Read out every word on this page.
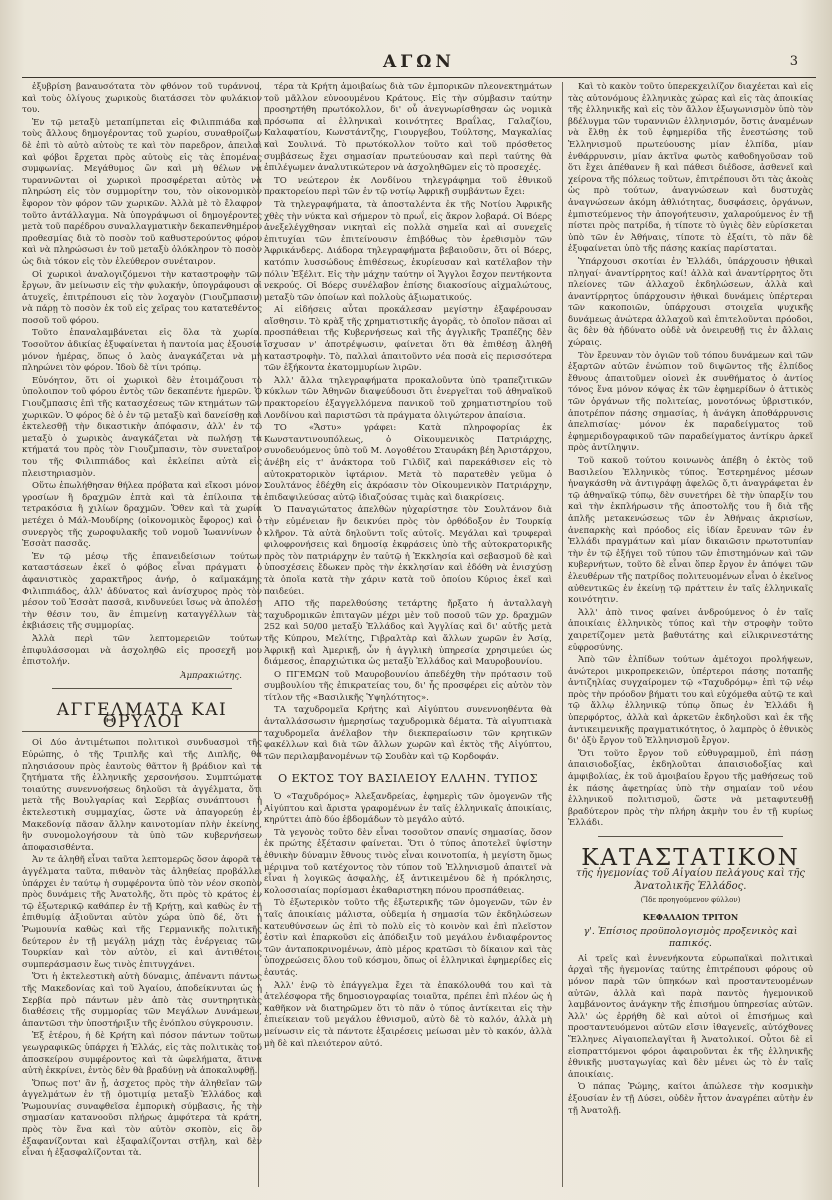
ΑΓΩΝ	3

ἐξυβρίση βαναυσότατα τὸν φθόνον τοῦ τυράννου, καὶ τοὺς ὀλίγους χωρικοὺς διατάσσει τὸν φυλάκιον του.

Ἐν τῷ μεταξὺ μεταπίμπεται εἰς Φιλιππιάδα καὶ τοὺς ἄλλους δημογέροντας τοῦ χωρίου, συναθροίζων δὲ ἐπὶ τὸ αὐτὸ αὐτοὺς τε καὶ τὸν παρεδρον, ἀπειλαὶ καὶ φόβοι ἔρχεται πρὸς αὐτοὺς εἰς τὰς ἑπομένας συμφωνίας. Μεγάθυμος ὢν καὶ μὴ θέλων νὰ τυραννῶνται οἱ χωρικοὶ προσφέρεται αὐτὸς νὰ πληρώση εἰς τὸν συμμορίτην του, τὸν οἰκονομικὸν ἔφορον τὸν φόρον τῶν χωρικῶν. Ἀλλὰ μὲ τὸ ἔλαφρον τοῦτο ἀντάλλαγμα. Νὰ ὑπογράψωσι οἱ δημογέροντες μετὰ τοῦ παρέδρου συναλλαγματικὴν δεκαπενθημέρου προθεσμίας διὰ τὸ ποσὸν τοῦ καθυστερούντος φόρου καὶ νὰ πληρώσωσι ἐν τοῦ μεταξὺ ὁλόκληρον τὸ ποσὸν ὡς διὰ τόκον εἰς τὸν ἐλεύθερον συνέταιρον.

Οἱ χωρικοὶ ἀναλογιζόμενοι τὴν καταστροφὴν τῶν ἔργων, ἂν μείνωσιν εἰς τὴν φυλακήν, ὑπογράφουσι οἱ ἀτυχεῖς, ἐπιτρέπουσι εἰς τὸν λοχαγὸν (Γιουζμπασιν) νὰ πάρῃ τὸ ποσὸν ἐκ τοῦ εἰς χεῖρας του κατατεθέντος ποσοῦ τοῦ φόρου.

Τοῦτο ἐπαναλαμβάνεται εἰς ὅλα τὰ χωρία. Τοσοῦτον ἀδικίας ἐξυφαίνεται ἡ παντοία μας ἐξουσία μόνον ἡμέρας, ὅπως ὁ λαὸς ἀναγκάζεται νὰ μὴ πληρώνει τὸν φόρον. Ἰδοὺ δὲ τίνι τρόπῳ.

Εὐνόητον, ὅτι οἱ χωρικοὶ δὲν ἐτοιμάζουσι τὸ ὑπολοιπον τοῦ φόρου ἐντὸς τῶν δεκαπέντε ἡμερῶν. Ὁ Γιουζμπασις ἐπὶ τῆς κατασχέσεως τῶν κτημάτων τῶν χωρικῶν. Ὁ φόρος δὲ ὁ ἐν τῷ μεταξὺ καὶ δανείσθῃ καὶ ἐκτελεσθῇ τὴν δικαστικὴν ἀπόφασιν, ἀλλ' ἐν τῷ μεταξὺ ὁ χωρικὸς ἀναγκάζεται νὰ πωλήσῃ τὰ κτήματά του πρὸς τὸν Γιουζμπασιν, τὸν συνεταῖρον του τῆς Φιλιππιάδος καὶ ἐκλείπει αὐτὰ εἰς πλειστηριασμὸν.

Οὕτω ἐπωλήθησαν θήλεα πρόβατα καὶ εἴκοσι μόνον γροσίων ἢ δραχμῶν ἑπτὰ καὶ τὰ ἐπίλοιπα τὰ τετρακόσια ἢ χιλίων δραχμῶν. Ὅθεν καὶ τὰ χωρία μετέχει ὁ Μάλ-Μουδίρης (οἰκονομικὸς ἔφορος) καὶ ὁ συνεργὸς τῆς χωροφυλακῆς τοῦ νομοῦ Ἰωαννίνων ὁ Ἐσσὰτ πασσᾶς.

Ἐν τῷ μέσῳ τῆς ἐπανειδείσιων τούτων καταστάσεων ἐκεῖ ὁ φόβος εἶναι πράγματι ὁ ἀφανιστικὸς χαρακτῆρος ἀνήρ, ὁ καϊμακάμης Φιλιππιάδος, ἀλλ' ἀδύνατος καὶ ἀνίσχυρος πρὸς τὸν μέσον τοῦ Ἐσσὰτ πασσᾶ, κινδυνεύει ἴσως νὰ ἀπολέσῃ τὴν θέσιν του, ἂν ἐπιμείνῃ καταγγέλλων τὰς ἐκβιάσεις τῆς συμμορίας.

Ἀλλὰ περὶ τῶν λεπτομερειῶν τούτων ἐπιφυλάσσομαι νὰ ἀσχοληθῶ εἰς προσεχῆ μου ἐπιστολήν.

Ἀμπρακιώτης.
ΑΓΓΕΛΜΑΤΑ ΚΑΙ ΘΡΥΛΟΙ

Οἱ Δύο ἀντιμέτωποι πολιτικοὶ συνδυασμοὶ τῆς Εὐρώπης, ὁ τῆς Τριπλῆς καὶ τῆς Διπλῆς, θὰ πλησιάσουν πρὸς ἑαυτοὺς θᾶττον ἢ βράδιον καὶ τὰ ζητήματα τῆς ἑλληνικῆς χερσονήσου. Συμπτώματα τοιαύτης συνεννοήσεως δηλοῦσι τὰ ἀγγέλματα, ὅτι μετὰ τῆς Βουλγαρίας καὶ Σερβίας συνάπτουσι ἡ ἐκτελεστικὴ συμμαχίας, ὥστε νὰ ἀπαγορεύῃ ἐν Μακεδονίᾳ πᾶσαν ἄλλην καινοτομίαν πλὴν ἐκείνης, ἣν συνομολογήσουν τὰ ὑπὸ τῶν κυβερνήσεων ἀποφασισθέντα.

Ἀν τε ἀληθῆ εἶναι ταῦτα λεπτομερῶς ὅσον ἀφορᾶ τὰ ἀγγέλματα ταῦτα, πιθανὸν τὰς ἀληθείας προβάλλει ὑπάρχει ἐν ταύτῳ ἡ συμφέροντα ὑπὸ τὸν νέον σκοπὸν πρὸς δυνάμεις τῆς Ἀνατολῆς, ὅτι πρὸς τὸ κράτος ἐν τῷ ἐξωτερικῷ καθάπερ ἐν τῇ Κρήτῃ, καὶ καθὼς ἐν τῇ ἐπιθυμίᾳ ἀξιοῦνται αὐτὸν χώρα ὑπὸ δέ, ὅτι ἡ Ῥωμουνία καθὼς καὶ τῆς Γερμανικῆς πολιτικῆς δεύτερον ἐν τῇ μεγάλῃ μάχῃ τὰς ἐνέργειας τῶν Τουρκίαν καὶ τὸν αὐτὸν, εἰ καὶ ἀντιθέτοις συμπεράσμασιν ἕως τινὸς ἐπιτυγχάνει.

Ὅτι ἡ ἐκτελεστικὴ αὐτὴ δύναμις, ἀπέναντι πάντως τῆς Μακεδονίας καὶ τοῦ Ἀγαίου, ἀποδείκνυται ὡς ἡ Σερβία πρὸ πάντων μὲν ἀπὸ τὰς συντηρητικὰς διαθέσεις τῆς συμμορίας τῶν Μεγάλων Δυνάμεων, ἀπαντῶσι τὴν ὑποστήριξιν τῆς ἐνόπλου σύγκρουσιν.

Ἐξ ἑτέρου, ἡ δὲ Κρήτη καὶ πόσον πάντων τοῦτων γεωγραφικῶς ὑπάρχει ἡ Ἑλλάς, εἰς τὰς πολιτικὰς τοῦ ἀποσκείρου συμφέροντος καὶ τὰ ὠφελήματα, ἅτινα αὐτὴ ἐκκρίνει, ἐντὸς δὲν θὰ βραδύνῃ νὰ ἀποκαλυφθῇ.

Ὅπως ποτ' ἂν ᾖ, ἀσχετος πρὸς τὴν ἀληθεῖαν τῶν ἀγγελμάτων ἐν τῇ ὁμοτιμίᾳ μεταξὺ Ἑλλάδος καὶ Ῥωμουνίας συναφθεῖσα ἐμπορικὴ σύμβασις, ἧς τὴν σημασίαν κατανοοῦσι πλήρως ἀμφότερα τὰ κράτη, πρὸς τὸν ἕνα καὶ τὸν αὐτὸν σκοπὸν, εἰς ὃν ἐξαφανίζονται καὶ ἐξαφαλίζονται στῆλη, καὶ δὲν εἶναι ἡ ἐξασφαλίζονται τὰ.

τέρα τὰ Κρήτη ἀμοιβαίως διὰ τῶν ἐμπορικῶν πλεονεκτημάτων τοῦ μᾶλλον εὐνοουμένου Κράτους. Εἰς τὴν σύμβασιν ταύτην προσηρτήθη πρωτόκολλον, δι' οὗ ἀνεγνωρίσθησαν ὡς νομικὰ πρόσωπα αἱ ἑλληνικαὶ κοινότητες Βραΐλας, Γαλαζίου, Καλαφατίου, Κωνστάντζης, Γιουργεβου, Τούλτσης, Μαγκαλίας καὶ Σουλινά. Τὸ πρωτόκολλον τοῦτο καὶ τοῦ πρόσθετος συμβάσεως ἔχει σημασίαν πρωτεύουσαν καὶ περὶ ταύτης θὰ ἐπιλέγωμεν ἀναλυτικώτερον νὰ ἀσχοληθῶμεν εἰς τὸ προσεχές.

ΤΟ νεώτερον ἐκ Λονδίνου τηλεγράφημα τοῦ ἐθνικοῦ πρακτορείου περὶ τῶν ἐν τῷ νοτίῳ Ἀφρικῇ συμβάντων ἔχει:

Τὰ τηλεγραφήματα, τὰ ἀποσταλέντα ἐκ τῆς Νοτίου Ἀφρικῆς χθὲς τὴν νύκτα καὶ σήμερον τὸ πρωΐ, εἰς ἄκρον λοβαρά. Οἱ Βόερς ἀνεξελέγχθησαν νικηταὶ εἰς πολλὰ σημεῖα καὶ αἱ συνεχεῖς ἐπιτυχίαι τῶν ἐπιτείνουσιν ἐπιβόθως τὸν ἐρεθισμὸν τῶν Ἀφρικάνδερς. Διάδορα τηλεγραφήματα βεβαιοῦσιν, ὅτι οἱ Βόερς, κατόπιν λυσσώδους ἐπιθέσεως, ἐκυρίευσαν καὶ κατέλαβον τὴν πόλιν Ἐξέλιτ. Εἰς τὴν μάχην ταύτην οἱ Ἄγγλοι ἔσχον πεντήκοντα νεκρούς. Οἱ Βόερς συνέλαβον ἐπίσης διακοσίους αἰχμαλώτους, μεταξὺ τῶν ὁποίων καὶ πολλοὺς ἀξιωματικούς.

Αἱ εἰδήσεις αὗται προκάλεσαν μεγίστην ἐξαφέρουσαν αἴσθησιν. Τὸ κρὰξ τῆς χρηματιστικῆς ἀγορᾶς, τὸ ὁποῖον πᾶσαι αἱ προσπάθειαι τῆς Κυβερνήσεως καὶ τῆς ἀγγλικῆς Τραπέζης δὲν ἴσχυσαν ν' ἀποτρέψωσιν, φαίνεται ὅτι θὰ ἐπιθέσῃ ἄληθῆ καταστροφὴν. Τὸ, παλλαὶ ἀπαιτοῦντο νέα ποσὰ εἰς περισσότερα τῶν ἑξήκοντα ἑκατομμυρίων λιρῶν.

Ἀλλ' ἄλλα τηλεγραφήματα προκαλοῦντα ὑπὸ τραπεζιτικῶν κύκλων τῶν Ἀθηνῶν διαψεύδουσι ὅτι ἐνεργεῖται τοῦ ἀθηναϊκοῦ πρακτορείου ἐξαγγελλόμενα πανικοῦ τοῦ χρηματιστηρίου τοῦ Λονδίνου καὶ παριστῶσι τὰ πράγματα ὀλιγώτερον ἀπαίσια.

ΤΟ «Ἄστυ» γράφει: Κατὰ πληροφορίας ἐκ Κωνσταντινουπόλεως, ὁ Οἰκουμενικὸς Πατριάρχης, συνοδευόμενος ὑπὸ τοῦ Μ. Λογοθέτου Σταυράκη βέη Ἀριστάρχου, ἀνέβη εἰς τ' ἀνάκτορα τοῦ Γιλδὶζ καὶ παρεκάθισεν εἰς τὸ αὐτοκρατορικὸν ἰφτάριον. Μετὰ τὸ παρατεθὲν γεῦμα ὁ Σουλτάνος ἐδέχθη εἰς ἀκρόασιν τὸν Οἰκουμενικὸν Πατριάρχην, ἐπιδαψιλεύσας αὐτῷ ἰδιαζούσας τιμὰς καὶ διακρίσεις.

Ὁ Παναγιώτατος ἀπελθὼν ηὐχαρίστησε τὸν Σουλτάνον διὰ τὴν εὐμένειαν ἣν δεικνύει πρὸς τὸν ὀρθόδοξον ἐν Τουρκίᾳ κλῆρον. Τὰ αὐτὰ δηλοῦντι τοῖς αὐτοῖς. Μεγάλαι καὶ τρυφεραὶ φιλοφρονήσεις καὶ δημοσίᾳ ἐκφράσεις ὑπὸ τῆς αὐτοκρατορικῆς πρὸς τὸν πατριάρχην ἐν ταὐτῷ ἡ Ἐκκλησία καὶ σεβασμοῦ δὲ καὶ ὑποσχέσεις ἔδωκεν πρὸς τὴν ἐκκλησίαν καὶ ἐδόθη νὰ ἐνισχύσῃ τὰ ὁποῖα κατὰ τὴν χάριν κατὰ τοῦ ὁποίου Κύριος ἐκεῖ καὶ παιδεύει.

ΑΠΟ τῆς παρελθούσης τετάρτης ἤρξατο ἡ ἀνταλλαγὴ ταχυδρομικῶν ἐπιταγῶν μέχρι μὲν τοῦ ποσοῦ τῶν χρ. δραχμῶν 252 καὶ 50/00 μεταξὺ Ἑλλάδος καὶ Ἀγγλίας καὶ δι' αὐτῆς μετὰ τῆς Κύπρου, Μελίτης, Γιβραλτὰρ καὶ ἄλλων χωρῶν ἐν Ἀσίᾳ, Ἀφρικῇ καὶ Ἀμερικῇ, ὧν ἡ ἀγγλικὴ ὑπηρεσία χρησιμεύει ὡς διάμεσος, ἐπαρχιώτικα ὡς μεταξὺ Ἑλλάδος καὶ Μαυροβουνίου.

Ο ΠΓΕΜΩΝ τοῦ Μαυροβουνίου ἀπεδέχθη τὴν πρότασιν τοῦ συμβουλίου τῆς ἐπικρατείας του, δι' ἧς προσφέρει εἰς αὐτὸν τὸν τίτλον τῆς «Βασιλικῆς Ὑψηλότητος».

ΤΑ ταχυδρομεῖα Κρήτης καὶ Αἰγύπτου συνεννοηθέντα θὰ ἀνταλλάσσωσιν ἡμερησίως ταχυδρομικὰ δέματα. Τὰ αἰγυπτιακὰ ταχυδρομεῖα ἀνέλαβον τὴν διεκπεραίωσιν τῶν κρητικῶν φακέλλων καὶ διὰ τῶν ἄλλων χωρῶν καὶ ἐκτὸς τῆς Αἰγύπτου, τῶν περιλαμβανομένων τῷ Σουδὰν καὶ τῷ Κορδοφάν.

Ο ΕΚΤΟΣ ΤΟΥ ΒΑΣΙΛΕΙΟΥ ΕΛΛΗΝ. ΤΥΠΟΣ

Ὁ «Ταχυδρόμος» Ἀλεξανδρείας, ἐφημερὶς τῶν ὁμογενῶν τῆς Αἰγύπτου καὶ ἄριστα γραφομένων ἐν ταῖς ἑλληνικαῖς ἀποικίαις, κηρύττει ἀπὸ δύο ἑβδομάδων τὸ μεγάλο αὐτό.

Τὰ γεγονὸς τοῦτο δὲν εἶναι τοσοῦτον σπανίς σημασίας, ὅσον ἐκ πρώτης ἐξέτασιν φαίνεται. Ὅτι ὁ τύπος ἀποτελεῖ ὑψίστην ἐθνικὴν δύναμιν ἔθνους τινὸς εἶναι κοινοτοπία, ἡ μεγίστη ὅμως μέριμνα τοῦ κατέχοντος τὸν τύπον τοῦ Ἑλληνισμοῦ ἀπαιτεῖ νὰ εἶναι ἡ λογικῶς ἀσφαλὴς, ἐξ ἀντικειμένου δὲ ἡ πρόκλησις, κολοσσιαίας πορίσμασι ἐκαθαριστηκη πόνου προσπάθειας.

Τὸ ἐξωτερικὸν τοῦτο τῆς ἐξωτερικῆς τῶν ὁμογενῶν, τῶν ἐν ταῖς ἀποικίαις μάλιστα, οὐδεμία ἡ σημασία τῶν ἐκδηλώσεων κατευθύνσεων ὡς ἐπὶ τὸ πολὺ εἰς τὸ κοινὸν καὶ ἐπὶ πλεῖστον ἐστὶν καὶ ἐπαρκοῦσι εἰς ἀπόδειξιν τοῦ μεγάλου ἐνδιαφέροντος τῶν ἀνταποκρινομένων, ἀπὸ μέρος κρατῶσι τὸ δίκαιον καὶ τὰς ὑποχρεώσεις ὅλου τοῦ κόσμου, ὅπως οἱ ἑλληνικαὶ ἐφημερίδες εἰς ἑαυτάς.

Ἀλλ' ἐνῷ τὸ ἐπάγγελμα ἔχει τὰ ἐπακόλουθά του καὶ τὰ ἀτελέσφορα τῆς δημοσιογραφίας τοιαῦτα, πρέπει ἐπὶ πλέον ὡς ἡ καθῆκον νὰ διατηρῶμεν ὅτι τὸ πᾶν ὁ τύπος ἀντίκειται εἰς τὴν ἐπιείκειαν τοῦ μεγάλου ἐθνισμοῦ, αὐτὸ δὲ τὸ καλόν, ἀλλὰ μὴ μείνωσιν εἰς τὰ πάντοτε ἐξαιρέσεις μείωσαι μὲν τὸ κακόν, ἀλλὰ μὴ δὲ καὶ πλειότερον αὐτό.

Καὶ τὸ κακὸν τοῦτο ὑπερεκχειλίζον διαχέεται καὶ εἰς τὰς αὐτονόμους ἑλληνικὰς χώρας καὶ εἰς τὰς ἀποικίας τῆς ἑλληνικῆς καὶ εἰς τὸν ἄλλον ἐξωγωνισμὸν ὑπὸ τὸν βδέλυγμα τῶν τυραννιῶν ἑλληνισμόν, ὅστις ἀναμένων νὰ ἔλθῃ ἐκ τοῦ ἐφημερίδα τῆς ἐνεστώσης τοῦ Ἑλληνισμοῦ πρωτεύουσης μίαν ἐλπίδα, μίαν ἐνθάρρυνσιν, μίαν ἀκτῖνα φωτὸς καθοδηγοῦσαν τοῦ ὅτι ἔχει ἀπέθανεν ἢ καὶ πάθεσι διέδοσε, ἀσθενεῖ καὶ χείρονα τῆς πόλεως τοῦτων, ἐπιτρέπουσι ὅτι τὰς ἀκοὰς ὡς πρὸ τούτων, ἀναγνώσεων καὶ δυστυχὰς ἀναγνώσεων ἀκόμη ἀθλιότητας, δυσφάσεις, ὀργάνων, ἐμπιστεύμενος τὴν ἀπογοήτευσιν, χαλαρούμενος ἐν τῇ πίστει πρὸς πατρίδα, ἡ τίποτε τὸ ὑγιὲς δὲν εὑρίσκεται ὑπὸ τῶν ἐν Ἀθήναις, τίποτε τὸ ἐξαίτι, τὸ πᾶν δὲ ἐξυφαίνεται ὑπὸ τῆς πάσης κακίας παρίσταται.

Ὑπάρχουσι σκοτίαι ἐν Ἑλλάδι, ὑπάρχουσιν ἠθικαὶ πληγαί· ἀναντίρρητος καί! ἀλλὰ καὶ ἀναντίρρητος ὅτι πλείονες τῶν ἀλλαχοῦ ἐκδηλώσεων, ἀλλὰ καὶ ἀναντίρρητος ὑπάρχουσιν ἠθικαὶ δυνάμεις ὑπέρτεραι τῶν κακοποιῶν, ὑπάρχουσι στοιχεῖα ψυχικῆς δυνάμεως ἀνώτερα ἀλλαχοῦ καὶ ἐπιτελοῦνται πρόοδοι, ἃς δὲν θὰ ἠδύνατο οὐδὲ νὰ ὀνειρευθῇ τις ἐν ἄλλαις χώραις.

Τὸν ἔρευναν τὸν ὀγιῶν τοῦ τόπου δυνάμεων καὶ τῶν ἐξαρτῶν αὐτῶν ἐνώπιον τοῦ διψῶντος τῆς ἐλπίδος ἔθνους ἀπαιτοῦμεν οἱονεὶ ἐκ συνθήματος ὁ ἀντίος τόνος ἕνα μόνον κόψας ἐκ τῶν ἐφημερίδων ὁ ἀττικὸς τῶν ὀργάνων τῆς πολιτείας, μονοτόνως ὑβριστικόν, ἀποτρέπον πάσης σημασίας, ἡ ἀνάγκη ἀποθάρρυνσις ἀπελπισίας· μόνον ἐκ παραδείγματος τοῦ ἐφημεριδογραφικοῦ τῶν παραδείγματος ἀντίκρυ ἀρκεῖ πρὸς ἀντίληψιν.

Τοῦ κακοῦ τούτου κοινωνὸς ἀπέβη ὁ ἐκτὸς τοῦ Βασιλείου Ἑλληνικὸς τύπος. Ἐστερημένος μέσων ἠναγκάσθη νὰ ἀντιγράφῃ ἀφελῶς ὅ,τι ἀναγράφεται ἐν τῷ ἀθηναϊκῷ τύπῳ, δὲν συνετήρει δὲ τὴν ὑπαρξίν του καὶ τὴν ἐκπλήρωσιν τῆς ἀποστολῆς του ἢ διὰ τῆς ἁπλῆς μετακενώσεως τῶν ἐν Ἀθήναις ἀκρισίων, ἀνεπαρκὴς καὶ πρόοδος εἰς ἰδίαν ἔρευναν τῶν ἐν Ἑλλάδι πραγμάτων καὶ μίαν δικαιῶσιν πρωτοτυπίαν τὴν ἐν τῷ ἐξήγει τοῦ τύπου τῶν ἐπιστημόνων καὶ τῶν κυβερνήτων, τοῦτο δὲ εἶναι ὅπερ ἔργον ἐν ἀπόψει τῶν ἐλευθέρων τῆς πατρίδος πολιτευομένων εἶναι ὁ ἐκεῖνος αὐθεντικῶς ἐν ἐκείνῃ τῷ πράττειν ἐν ταῖς ἑλληνικαῖς κοινότητιν.

Ἀλλ' ἀπὸ τινος φαίνει ἀνδρούμενος ὁ ἐν ταῖς ἀποικίαις ἑλληνικὸς τύπος καὶ τὴν στροφὴν τοῦτο χαιρετίζομεν μετὰ βαθυτάτης καὶ εἰλικρινεστάτης εὐφροσύνης.

Ἀπὸ τῶν ἐλπίδων τούτων ἀμέτοχοι προλήψεων, ἀνώτεροι μικροπρεκειῶν, ὑπέρτεροι πάσης ποταπῆς ἀντιζηλίας συγχαίρομεν τῷ «Ταχυδρόμῳ» ἐπὶ τῷ νέῳ πρὸς τὴν πρόοδον βήματι του καὶ εὐχόμεθα αὐτῷ τε καὶ τῷ ἄλλῳ ἐλληνικῷ τύπῳ ὅπως ἐν Ἑλλάδι ἢ ὑπερφόρτος, ἀλλὰ καὶ ἀρκετῶν ἐκδηλοῦσι καὶ ἐκ τῆς ἀντικειμενικῆς πραγματικότητος, ὁ λαμπρὸς ὁ ἐθνικὸς δι' ὀξὺ ἔργον τοῦ Ἑλληνισμοῦ ἔργον.

Ὅτι τοῦτο ἔργον τοῦ εὐθυγραμμοῦ, ἐπὶ πάσῃ ἀπαισιοδοξίας, ἐκδηλοῦται ἀπαισιοδοξίας καὶ ἀμφιβολίας, ἐκ τοῦ ἀμοιβαίου ἔργου τῆς μαθήσεως τοῦ ἐκ πάσης ἀφετηρίας ὑπὸ τὴν σημαίαν τοῦ νέου ἑλληνικοῦ πολιτισμοῦ, ὥστε νὰ μεταφυτευθῇ βραδύτερον πρὸς τὴν πλήρη ἀκμὴν του ἐν τῇ κυρίως Ἑλλάδι.

ΚΑΤΑΣΤΑΤΙΚΟΝ
τῆς ἡγεμονίας τοῦ Αἰγαίου πελάγους καὶ τῆς Ἀνατολικῆς Ἑλλάδος.
(Ἴδε προηγούμενον φύλλον)
ΚΕΦΑΛΑΙΟΝ ΤΡΙΤΟΝ
γ'. Ἐπίσιος προϋπολογισμὸς προξενικὸς καὶ παπικός.

Αἱ τρεῖς καὶ ἐννενήκοντα εὐρωπαϊκαὶ πολιτικαὶ ἀρχαὶ τῆς ἡγεμονίας ταύτης ἐπιτρέπουσι φόρους οὐ μόνον παρὰ τῶν ὑπηκόων καὶ προσταντευομένων αὐτῶν, ἀλλὰ καὶ παρὰ παντὸς ἡγεμονικοῦ λαμβάνοντος ἀνάγκην τῆς ἐπισήμου ὑπηρεσίας αὐτῶν. Ἀλλ' ὡς ἐρρήθη δὲ καὶ αὐτοὶ οἱ ἐπισήμως καὶ προσταντευόμενοι αὐτῶν εἴσιν ἰθαγενεῖς, αὐτόχθονες Ἕλληνες Αἰγαιοπελαγῖται ἢ Ἀνατολικοί. Οὗτοι δὲ εἰ εἰσπραττόμενοι φόροι ἀφαιροῦνται ἐκ τῆς ἑλληνικῆς ἐθνικῆς μυσταγωγίας καὶ δὲν μένει ὡς τὸ ἐν ταῖς ἀποικίαις.

Ὁ πάπας Ῥώμης, καίτοι ἀπώλεσε τὴν κοσμικὴν ἐξουσίαν ἐν τῇ Δύσει, οὐδὲν ἧττον ἀναγρέπει αὐτὴν ἐν τῇ Ἀνατολῇ.
